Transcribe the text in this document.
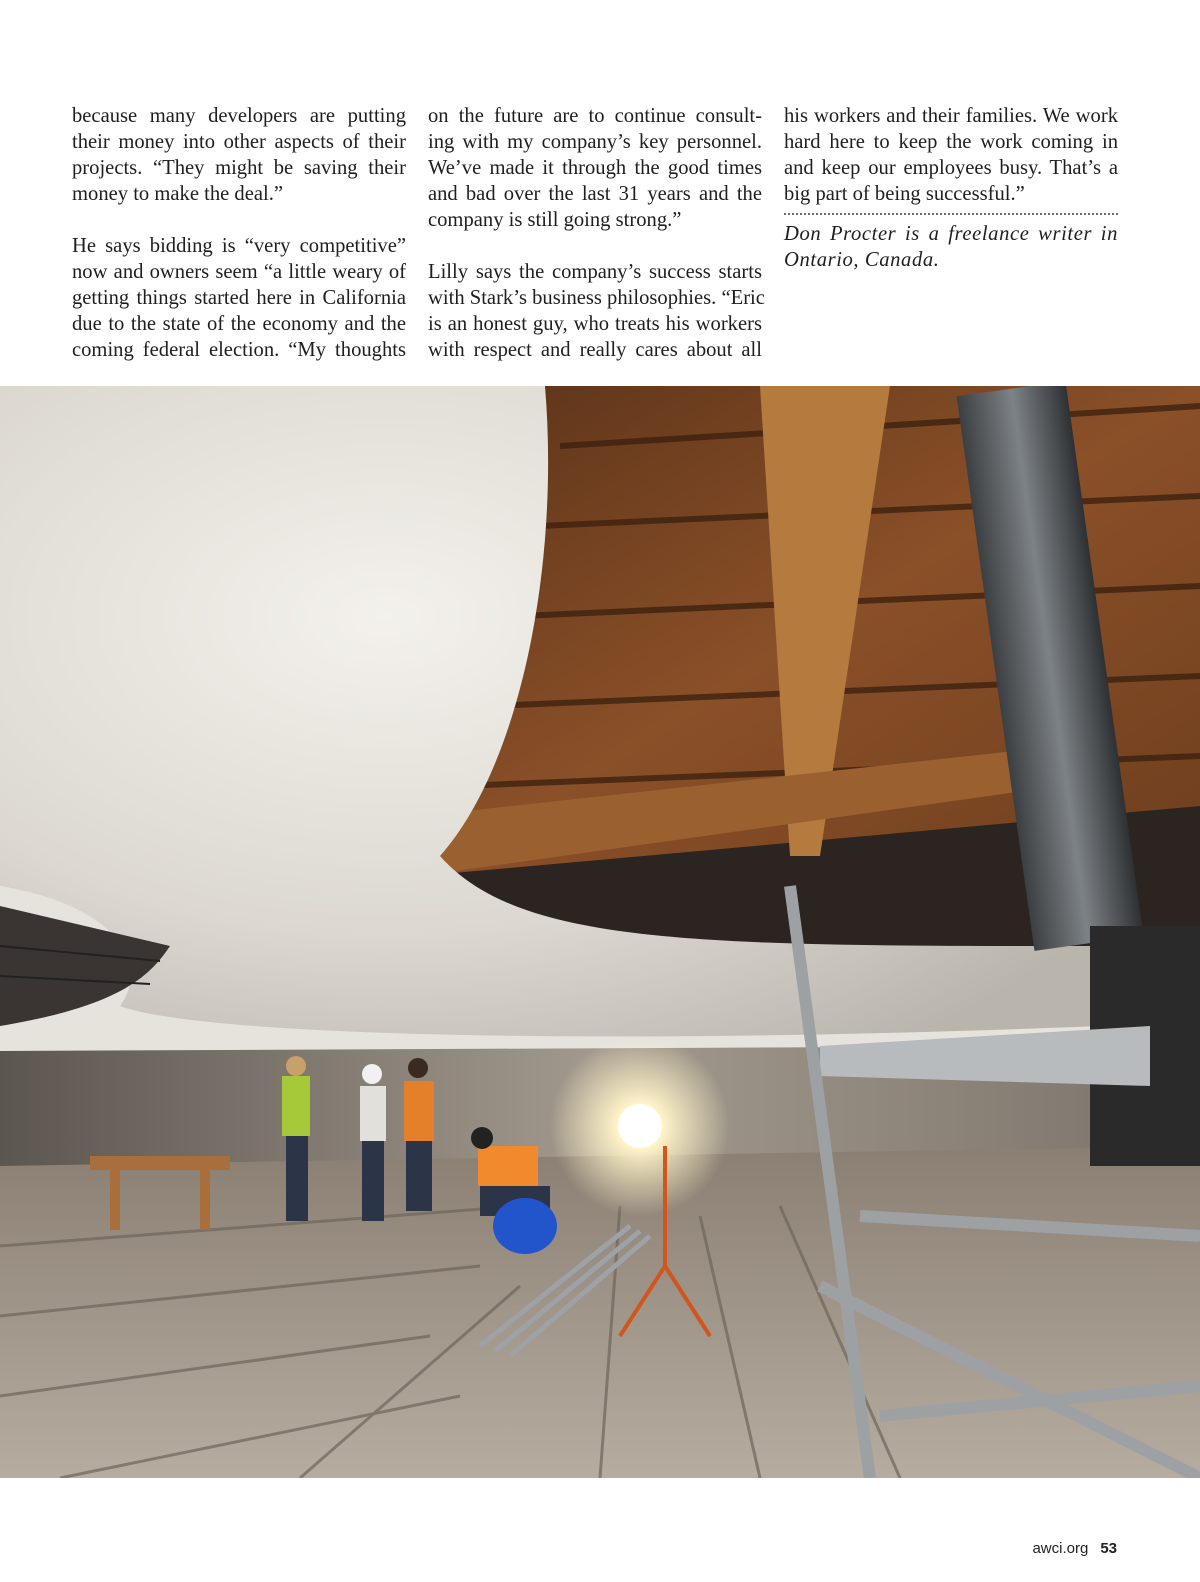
because many developers are putting
their money into other aspects of their
projects. “They might be saving their
money to make the deal.”
He says bidding is “very competitive”
now and owners seem “a little weary of
getting things started here in California
due to the state of the economy and the
coming federal election. “My thoughts
on the future are to continue consult-
ing with my company’s key personnel.
We’ve made it through the good times
and bad over the last 31 years and the
company is still going strong.”
Lilly says the company’s success starts
with Stark’s business philosophies. “Eric
is an honest guy, who treats his workers
with respect and really cares about all
his workers and their families. We work
hard here to keep the work coming in
and keep our employees busy. That’s a
big part of being successful.”
Don Procter is a freelance writer in
Ontario, Canada.
awci.org 53
